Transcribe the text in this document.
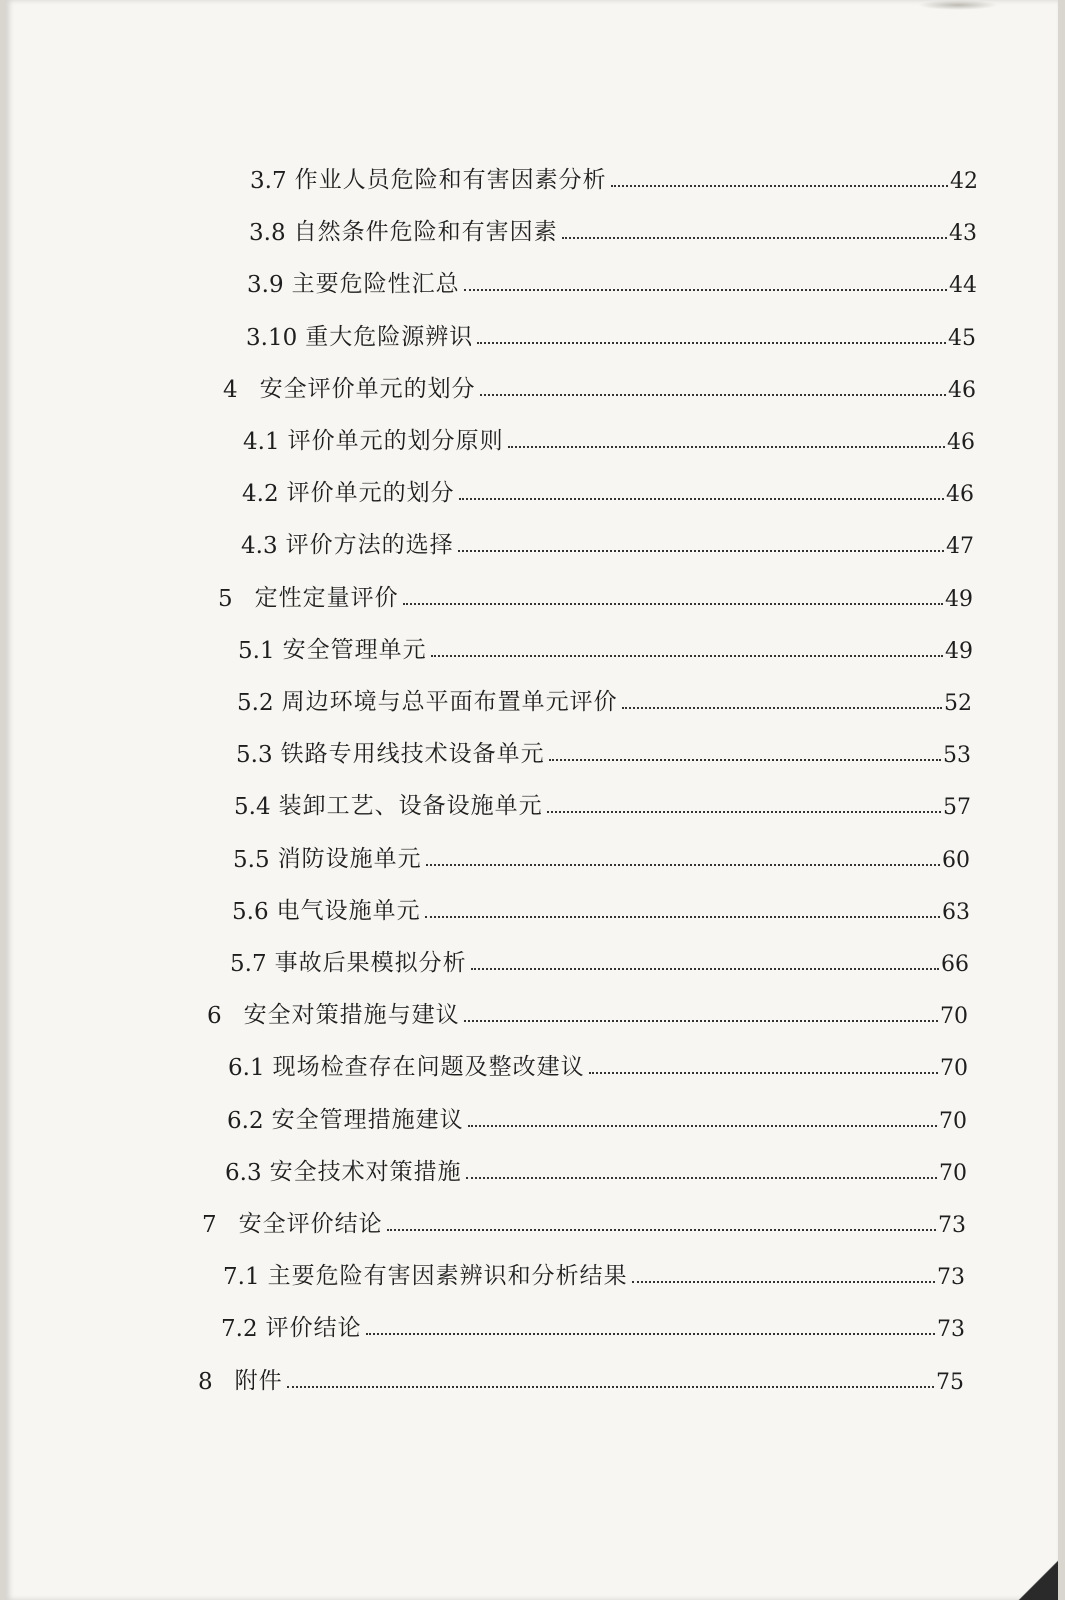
3.7 作业人员危险和有害因素分析	42
3.8 自然条件危险和有害因素	43
3.9 主要危险性汇总	44
3.10 重大危险源辨识	45
4 安全评价单元的划分	46
4.1 评价单元的划分原则	46
4.2 评价单元的划分	46
4.3 评价方法的选择	47
5 定性定量评价	49
5.1 安全管理单元	49
5.2 周边环境与总平面布置单元评价	52
5.3 铁路专用线技术设备单元	53
5.4 装卸工艺、设备设施单元	57
5.5 消防设施单元	60
5.6 电气设施单元	63
5.7 事故后果模拟分析	66
6 安全对策措施与建议	70
6.1 现场检查存在问题及整改建议	70
6.2 安全管理措施建议	70
6.3 安全技术对策措施	70
7 安全评价结论	73
7.1 主要危险有害因素辨识和分析结果	73
7.2 评价结论	73
8 附件	75
